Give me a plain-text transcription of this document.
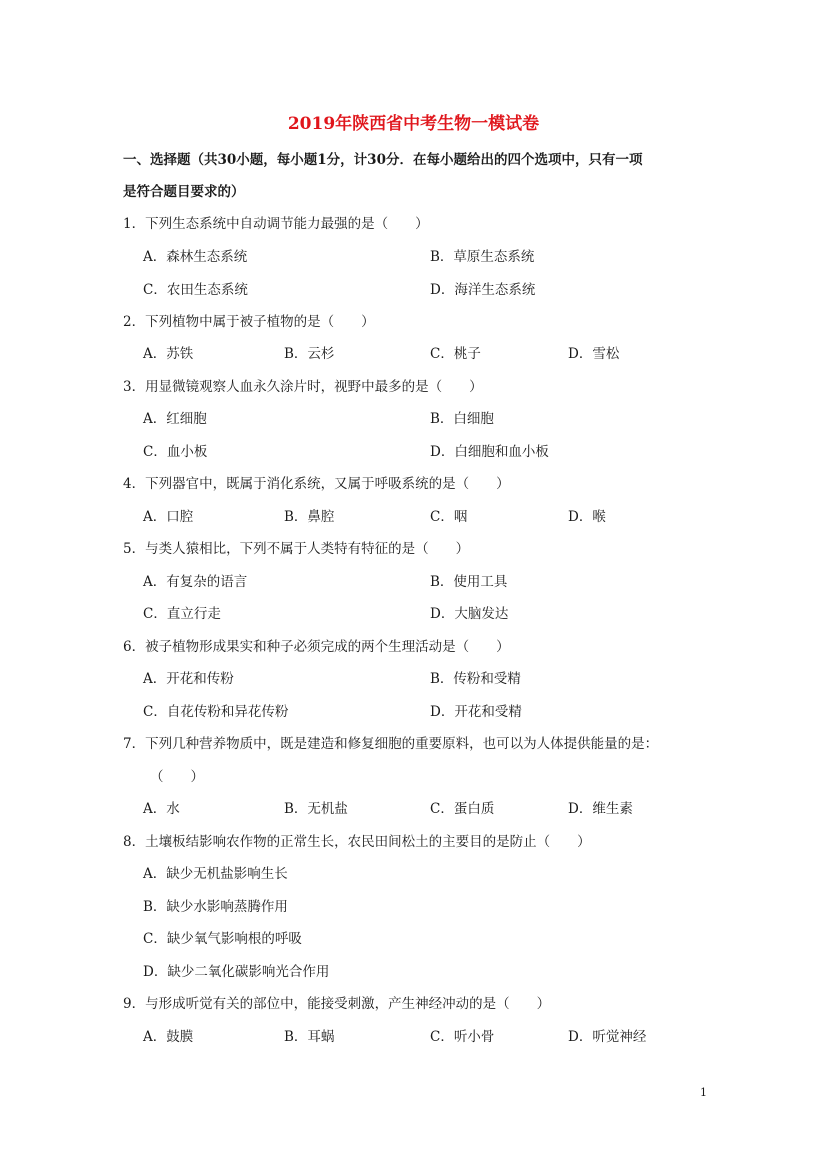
2019年陕西省中考生物一模试卷
一、选择题（共30小题，每小题1分，计30分．在每小题给出的四个选项中，只有一项
是符合题目要求的）
1．下列生态系统中自动调节能力最强的是（　　）
A．森林生态系统	B．草原生态系统
C．农田生态系统	D．海洋生态系统
2．下列植物中属于被子植物的是（　　）
A．苏铁	B．云杉	C．桃子	D．雪松
3．用显微镜观察人血永久涂片时，视野中最多的是（　　）
A．红细胞	B．白细胞
C．血小板	D．白细胞和血小板
4．下列器官中，既属于消化系统，又属于呼吸系统的是（　　）
A．口腔	B．鼻腔	C．咽	D．喉
5．与类人猿相比，下列不属于人类特有特征的是（　　）
A．有复杂的语言	B．使用工具
C．直立行走	D．大脑发达
6．被子植物形成果实和种子必须完成的两个生理活动是（　　）
A．开花和传粉	B．传粉和受精
C．自花传粉和异花传粉	D．开花和受精
7．下列几种营养物质中，既是建造和修复细胞的重要原料，也可以为人体提供能量的是：
（　　）
A．水	B．无机盐	C．蛋白质	D．维生素
8．土壤板结影响农作物的正常生长，农民田间松土的主要目的是防止（　　）
A．缺少无机盐影响生长
B．缺少水影响蒸腾作用
C．缺少氧气影响根的呼吸
D．缺少二氧化碳影响光合作用
9．与形成听觉有关的部位中，能接受刺激，产生神经冲动的是（　　）
A．鼓膜	B．耳蜗	C．听小骨	D．听觉神经
1
